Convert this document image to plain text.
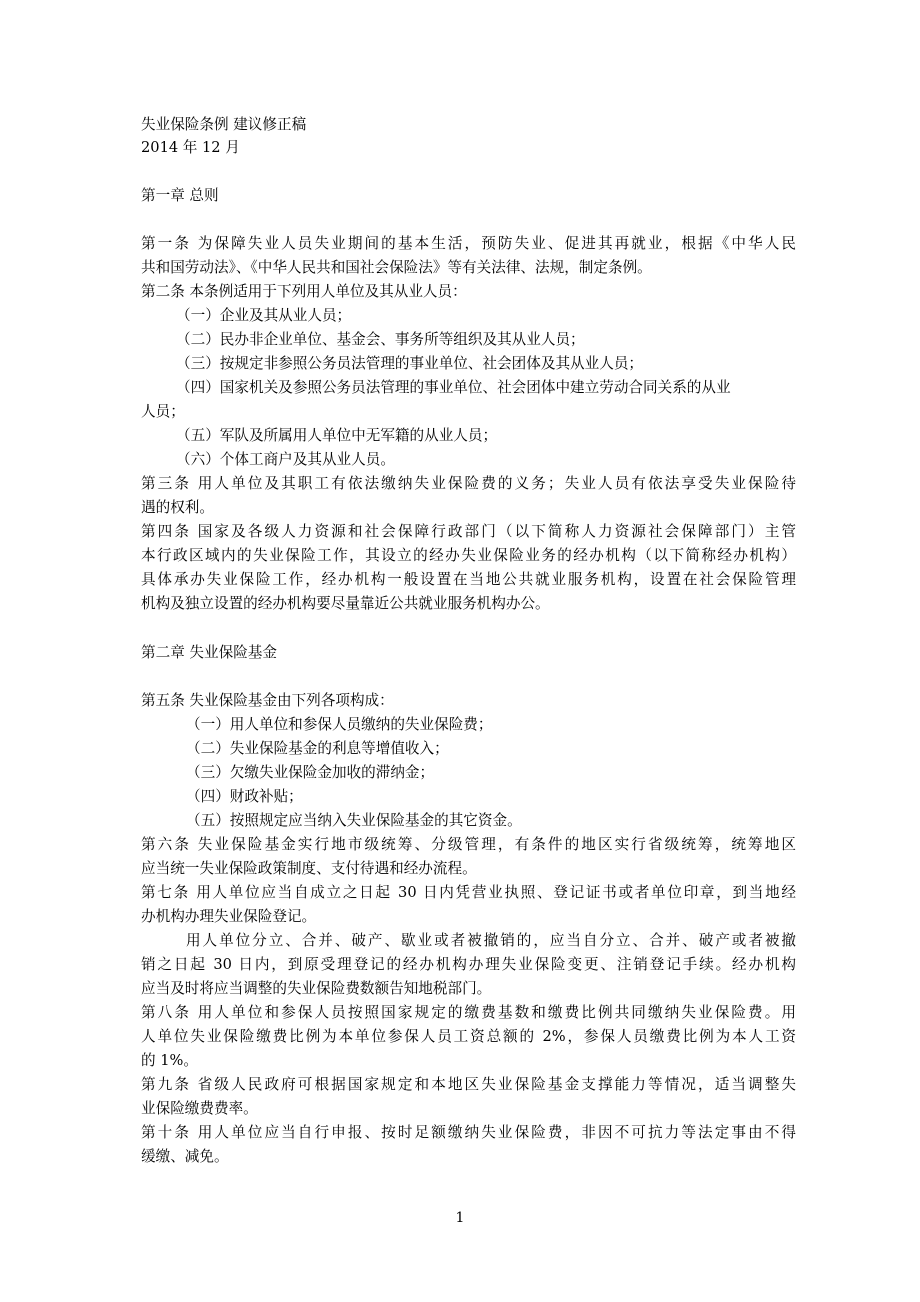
失业保险条例 建议修正稿
2014 年 12 月
第一章 总则
第一条 为保障失业人员失业期间的基本生活，预防失业、促进其再就业，根据《中华人民
共和国劳动法》、《中华人民共和国社会保险法》等有关法律、法规，制定条例。
第二条 本条例适用于下列用人单位及其从业人员：
（一）企业及其从业人员；
（二）民办非企业单位、基金会、事务所等组织及其从业人员；
（三）按规定非参照公务员法管理的事业单位、社会团体及其从业人员；
（四）国家机关及参照公务员法管理的事业单位、社会团体中建立劳动合同关系的从业
人员；
（五）军队及所属用人单位中无军籍的从业人员；
（六）个体工商户及其从业人员。
第三条 用人单位及其职工有依法缴纳失业保险费的义务；失业人员有依法享受失业保险待
遇的权利。
第四条 国家及各级人力资源和社会保障行政部门（以下简称人力资源社会保障部门）主管
本行政区域内的失业保险工作，其设立的经办失业保险业务的经办机构（以下简称经办机构）
具体承办失业保险工作，经办机构一般设置在当地公共就业服务机构，设置在社会保险管理
机构及独立设置的经办机构要尽量靠近公共就业服务机构办公。
第二章 失业保险基金
第五条 失业保险基金由下列各项构成：
（一）用人单位和参保人员缴纳的失业保险费；
（二）失业保险基金的利息等增值收入；
（三）欠缴失业保险金加收的滞纳金；
（四）财政补贴；
（五）按照规定应当纳入失业保险基金的其它资金。
第六条 失业保险基金实行地市级统筹、分级管理，有条件的地区实行省级统筹，统筹地区
应当统一失业保险政策制度、支付待遇和经办流程。
第七条 用人单位应当自成立之日起 30 日内凭营业执照、登记证书或者单位印章，到当地经
办机构办理失业保险登记。
用人单位分立、合并、破产、歇业或者被撤销的，应当自分立、合并、破产或者被撤
销之日起 30 日内，到原受理登记的经办机构办理失业保险变更、注销登记手续。经办机构
应当及时将应当调整的失业保险费数额告知地税部门。
第八条 用人单位和参保人员按照国家规定的缴费基数和缴费比例共同缴纳失业保险费。用
人单位失业保险缴费比例为本单位参保人员工资总额的 2%，参保人员缴费比例为本人工资
的 1%。
第九条 省级人民政府可根据国家规定和本地区失业保险基金支撑能力等情况，适当调整失
业保险缴费费率。
第十条 用人单位应当自行申报、按时足额缴纳失业保险费，非因不可抗力等法定事由不得
缓缴、减免。
1
